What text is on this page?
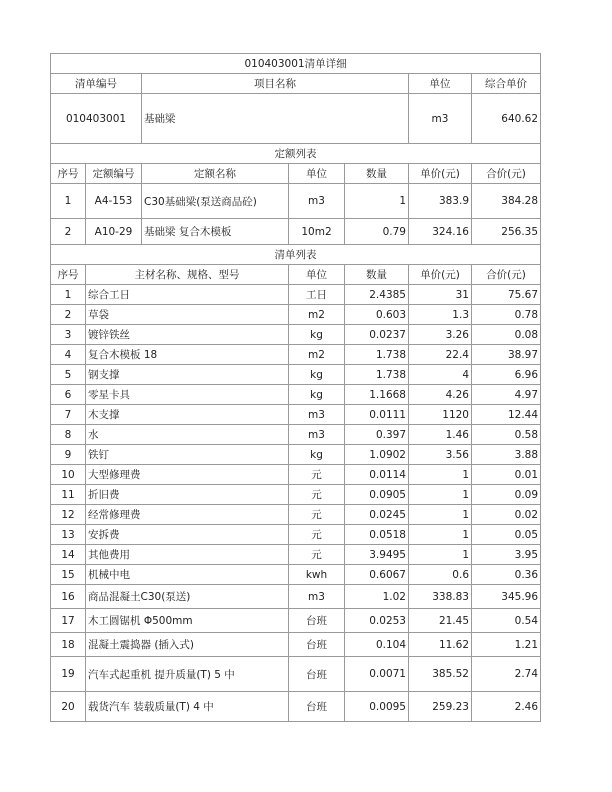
010403001清单详细						
清单编号		项目名称			单位	综合单价
010403001		基础梁			m3	640.62
定额列表						
序号	定额编号	定额名称	单位	数量	单价(元)	合价(元)
1	A4-153	C30基础梁(泵送商品砼)	m3	1	383.9	384.28
2	A10-29	基础梁 复合木模板	10m2	0.79	324.16	256.35
清单列表						
序号	主材名称、规格、型号		单位	数量	单价(元)	合价(元)
1	综合工日		工日	2.4385	31	75.67
2	草袋		m2	0.603	1.3	0.78
3	镀锌铁丝		kg	0.0237	3.26	0.08
4	复合木模板 18		m2	1.738	22.4	38.97
5	钢支撑		kg	1.738	4	6.96
6	零星卡具		kg	1.1668	4.26	4.97
7	木支撑		m3	0.0111	1120	12.44
8	水		m3	0.397	1.46	0.58
9	铁钉		kg	1.0902	3.56	3.88
10	大型修理费		元	0.0114	1	0.01
11	折旧费		元	0.0905	1	0.09
12	经常修理费		元	0.0245	1	0.02
13	安拆费		元	0.0518	1	0.05
14	其他费用		元	3.9495	1	3.95
15	机械中电		kwh	0.6067	0.6	0.36
16	商品混凝土C30(泵送)		m3	1.02	338.83	345.96
17	木工圆锯机 Φ500mm		台班	0.0253	21.45	0.54
18	混凝土震捣器 (插入式)		台班	0.104	11.62	1.21
19	汽车式起重机 提升质量(T) 5 中		台班	0.0071	385.52	2.74
20	载货汽车 装载质量(T) 4 中		台班	0.0095	259.23	2.46
